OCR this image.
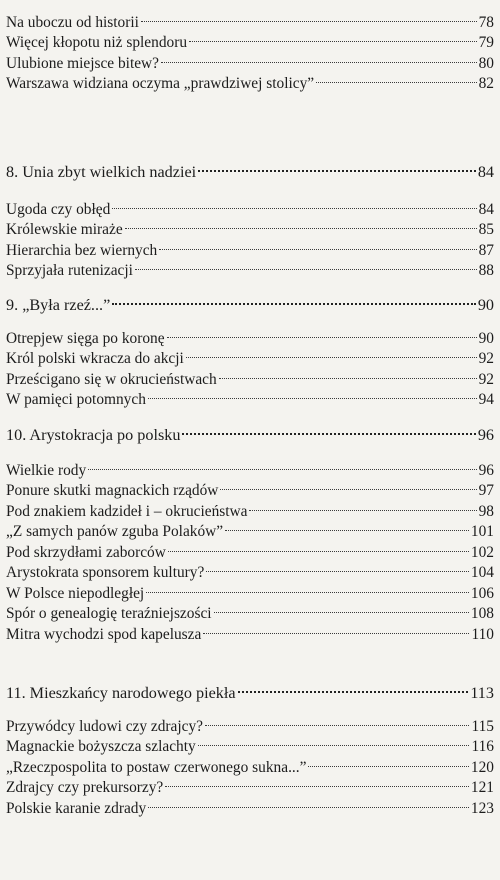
Na uboczu od historii	78
Więcej kłopotu niż splendoru	79
Ulubione miejsce bitew?	80
Warszawa widziana oczyma „prawdziwej stolicy”	82
8. Unia zbyt wielkich nadziei	84
Ugoda czy obłęd	84
Królewskie miraże	85
Hierarchia bez wiernych	87
Sprzyjała rutenizacji	88
9. „Była rzeź...”	90
Otrepjew sięga po koronę	90
Król polski wkracza do akcji	92
Prześcigano się w okrucieństwach	92
W pamięci potomnych	94
10. Arystokracja po polsku	96
Wielkie rody	96
Ponure skutki magnackich rządów	97
Pod znakiem kadzideł i – okrucieństwa	98
„Z samych panów zguba Polaków”	101
Pod skrzydłami zaborców	102
Arystokrata sponsorem kultury?	104
W Polsce niepodległej	106
Spór o genealogię teraźniejszości	108
Mitra wychodzi spod kapelusza	110
11. Mieszkańcy narodowego piekła	113
Przywódcy ludowi czy zdrajcy?	115
Magnackie bożyszcza szlachty	116
„Rzeczpospolita to postaw czerwonego sukna...”	120
Zdrajcy czy prekursorzy?	121
Polskie karanie zdrady	123
